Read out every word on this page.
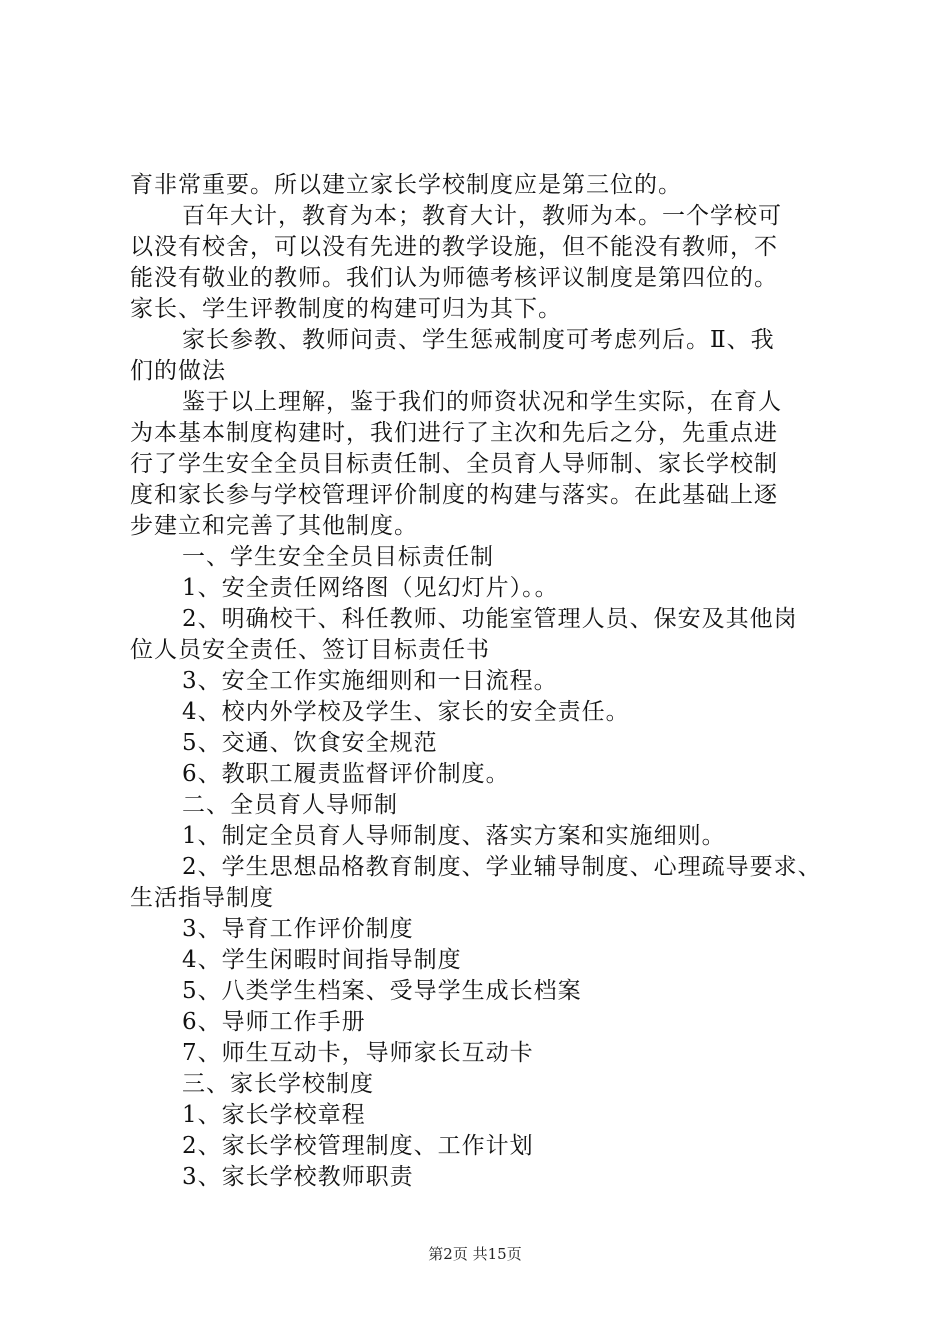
育非常重要。所以建立家长学校制度应是第三位的。
百年大计，教育为本；教育大计，教师为本。一个学校可
以没有校舍，可以没有先进的教学设施，但不能没有教师，不
能没有敬业的教师。我们认为师德考核评议制度是第四位的。
家长、学生评教制度的构建可归为其下。
家长参教、教师问责、学生惩戒制度可考虑列后。Ⅱ、我
们的做法
鉴于以上理解，鉴于我们的师资状况和学生实际，在育人
为本基本制度构建时，我们进行了主次和先后之分，先重点进
行了学生安全全员目标责任制、全员育人导师制、家长学校制
度和家长参与学校管理评价制度的构建与落实。在此基础上逐
步建立和完善了其他制度。
一、学生安全全员目标责任制
1、安全责任网络图（见幻灯片）。。
2、明确校干、科任教师、功能室管理人员、保安及其他岗
位人员安全责任、签订目标责任书
3、安全工作实施细则和一日流程。
4、校内外学校及学生、家长的安全责任。
5、交通、饮食安全规范
6、教职工履责监督评价制度。
二、全员育人导师制
1、制定全员育人导师制度、落实方案和实施细则。
2、学生思想品格教育制度、学业辅导制度、心理疏导要求、
生活指导制度
3、导育工作评价制度
4、学生闲暇时间指导制度
5、八类学生档案、受导学生成长档案
6、导师工作手册
7、师生互动卡，导师家长互动卡
三、家长学校制度
1、家长学校章程
2、家长学校管理制度、工作计划
3、家长学校教师职责
第2页 共15页
